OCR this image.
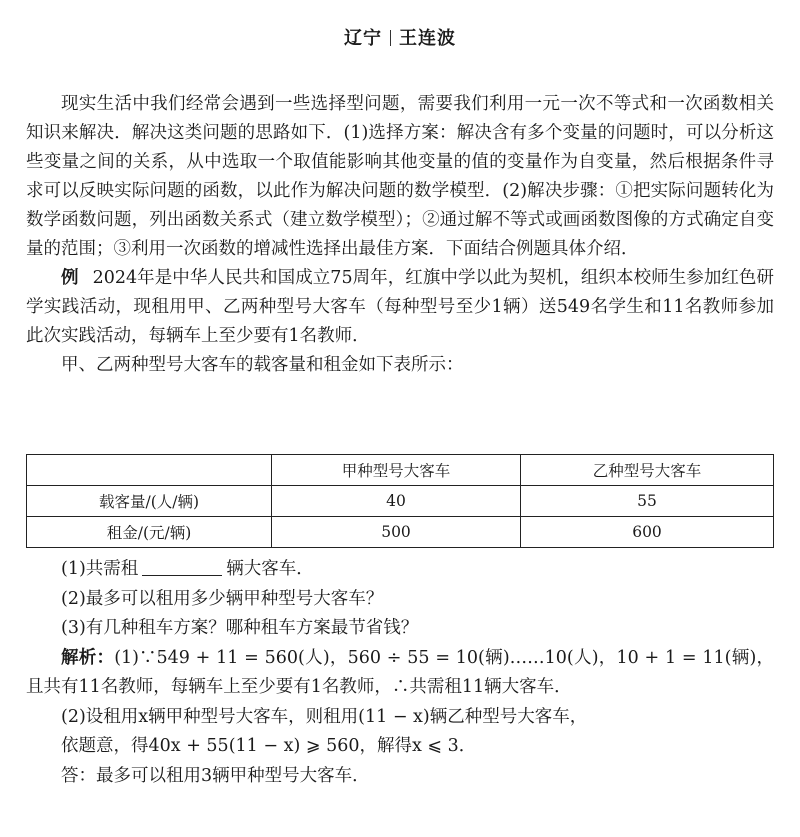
辽宁 王连波

现实生活中我们经常会遇到一些选择型问题，需要我们利用一元一次不等式和一次函数相关知识来解决．解决这类问题的思路如下．(1)选择方案：解决含有多个变量的问题时，可以分析这些变量之间的关系，从中选取一个取值能影响其他变量的值的变量作为自变量，然后根据条件寻求可以反映实际问题的函数，以此作为解决问题的数学模型．(2)解决步骤：①把实际问题转化为数学函数问题，列出函数关系式（建立数学模型）；②通过解不等式或画函数图像的方式确定自变量的范围；③利用一次函数的增减性选择出最佳方案．下面结合例题具体介绍．

例 2024年是中华人民共和国成立75周年，红旗中学以此为契机，组织本校师生参加红色研学实践活动，现租用甲、乙两种型号大客车（每种型号至少1辆）送549名学生和11名教师参加此次实践活动，每辆车上至少要有1名教师．

甲、乙两种型号大客车的载客量和租金如下表所示：

	甲种型号大客车	乙种型号大客车
载客量/(人/辆)	40	55
租金/(元/辆)	500	600

(1)共需租	辆大客车．

(2)最多可以租用多少辆甲种型号大客车？

(3)有几种租车方案？哪种租车方案最节省钱？

解析：(1)∵549 + 11 = 560(人)，560 ÷ 55 = 10(辆)……10(人)，10 + 1 = 11(辆)，且共有11名教师，每辆车上至少要有1名教师，∴共需租11辆大客车．

(2)设租用x辆甲种型号大客车，则租用(11 − x)辆乙种型号大客车，

依题意，得40x + 55(11 − x) ⩾ 560，解得x ⩽ 3．

答：最多可以租用3辆甲种型号大客车．
